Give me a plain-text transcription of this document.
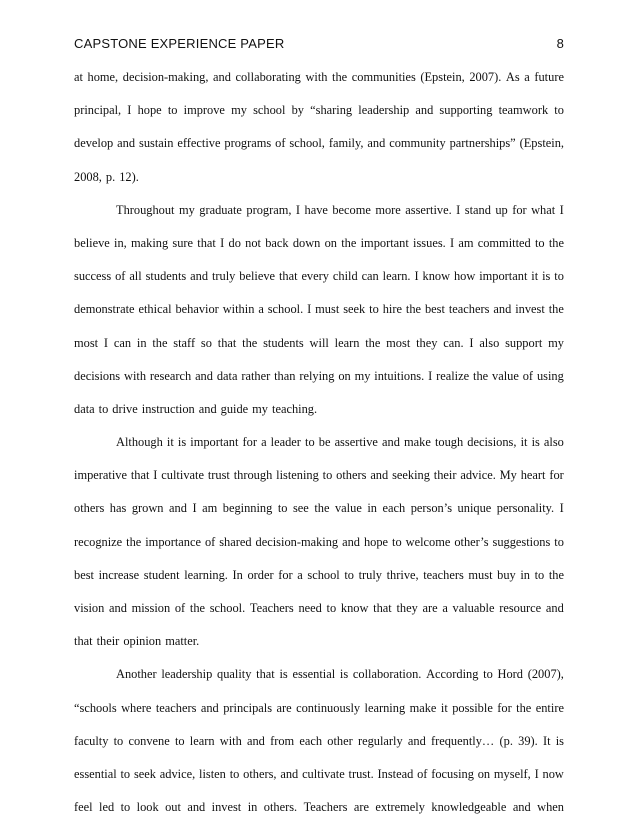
CAPSTONE EXPERIENCE PAPER	8
at home, decision-making, and collaborating with the communities (Epstein, 2007). As a future
principal, I hope to improve my school by “sharing leadership and supporting teamwork to
develop and sustain effective programs of school, family, and community partnerships” (Epstein,
2008, p. 12).
Throughout my graduate program, I have become more assertive. I stand up for what I
believe in, making sure that I do not back down on the important issues. I am committed to the
success of all students and truly believe that every child can learn. I know how important it is to
demonstrate ethical behavior within a school. I must seek to hire the best teachers and invest the
most I can in the staff so that the students will learn the most they can. I also support my
decisions with research and data rather than relying on my intuitions. I realize the value of using
data to drive instruction and guide my teaching.
Although it is important for a leader to be assertive and make tough decisions, it is also
imperative that I cultivate trust through listening to others and seeking their advice. My heart for
others has grown and I am beginning to see the value in each person’s unique personality. I
recognize the importance of shared decision-making and hope to welcome other’s suggestions to
best increase student learning. In order for a school to truly thrive, teachers must buy in to the
vision and mission of the school. Teachers need to know that they are a valuable resource and
that their opinion matter.
Another leadership quality that is essential is collaboration. According to Hord (2007),
“schools where teachers and principals are continuously learning make it possible for the entire
faculty to convene to learn with and from each other regularly and frequently… (p. 39). It is
essential to seek advice, listen to others, and cultivate trust. Instead of focusing on myself, I now
feel led to look out and invest in others. Teachers are extremely knowledgeable and when
